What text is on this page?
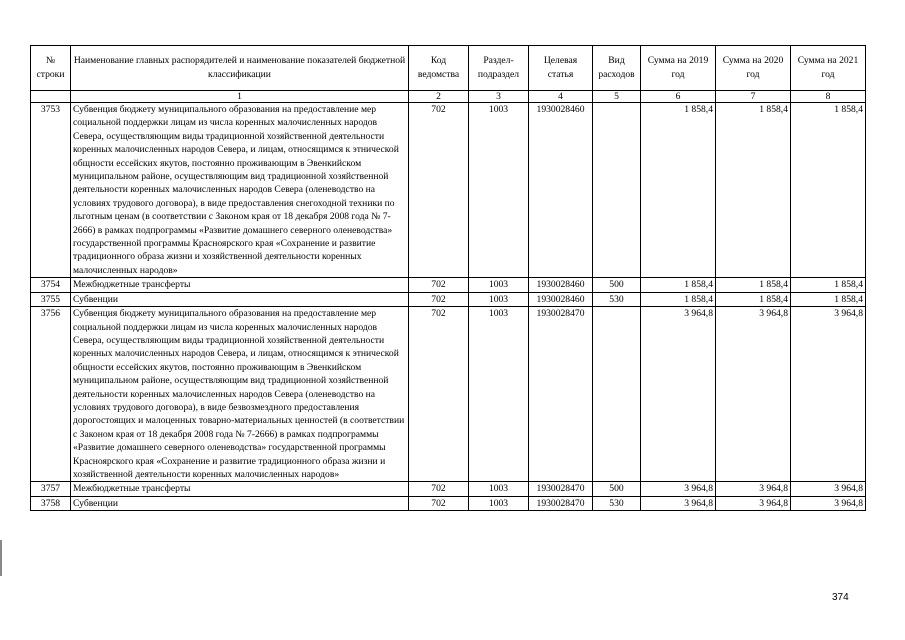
№ строки	Наименование главных распорядителей и наименование показателей бюджетной классификации	Код ведомства	Раздел-подраздел	Целевая статья	Вид расходов	Сумма на 2019 год	Сумма на 2020 год	Сумма на 2021 год
	1	2	3	4	5	6	7	8
3753	Субвенция бюджету муниципального образования на предоставление мер социальной поддержки лицам из числа коренных малочисленных народов Севера, осуществляющим виды традиционной хозяйственной деятельности коренных малочисленных народов Севера, и лицам, относящимся к этнической общности ессейских якутов, постоянно проживающим в Эвенкийском муниципальном районе, осуществляющим вид традиционной хозяйственной деятельности коренных малочисленных народов Севера (оленеводство на условиях трудового договора), в виде предоставления снегоходной техники по льготным ценам (в соответствии с Законом края от 18 декабря 2008 года № 7-2666) в рамках подпрограммы «Развитие домашнего северного оленеводства» государственной программы Красноярского края «Сохранение и развитие традиционного образа жизни и хозяйственной деятельности коренных малочисленных народов»	702	1003	1930028460		1 858,4	1 858,4	1 858,4
3754	Межбюджетные трансферты	702	1003	1930028460	500	1 858,4	1 858,4	1 858,4
3755	Субвенции	702	1003	1930028460	530	1 858,4	1 858,4	1 858,4
3756	Субвенция бюджету муниципального образования на предоставление мер социальной поддержки лицам из числа коренных малочисленных народов Севера, осуществляющим виды традиционной хозяйственной деятельности коренных малочисленных народов Севера, и лицам, относящимся к этнической общности ессейских якутов, постоянно проживающим в Эвенкийском муниципальном районе, осуществляющим вид традиционной хозяйственной деятельности коренных малочисленных народов Севера (оленеводство на условиях трудового договора), в виде безвозмездного предоставления дорогостоящих и малоценных товарно-материальных ценностей (в соответствии с Законом края от 18 декабря 2008 года № 7-2666) в рамках подпрограммы «Развитие домашнего северного оленеводства» государственной программы Красноярского края «Сохранение и развитие традиционного образа жизни и хозяйственной деятельности коренных малочисленных народов»	702	1003	1930028470		3 964,8	3 964,8	3 964,8
3757	Межбюджетные трансферты	702	1003	1930028470	500	3 964,8	3 964,8	3 964,8
3758	Субвенции	702	1003	1930028470	530	3 964,8	3 964,8	3 964,8
374
